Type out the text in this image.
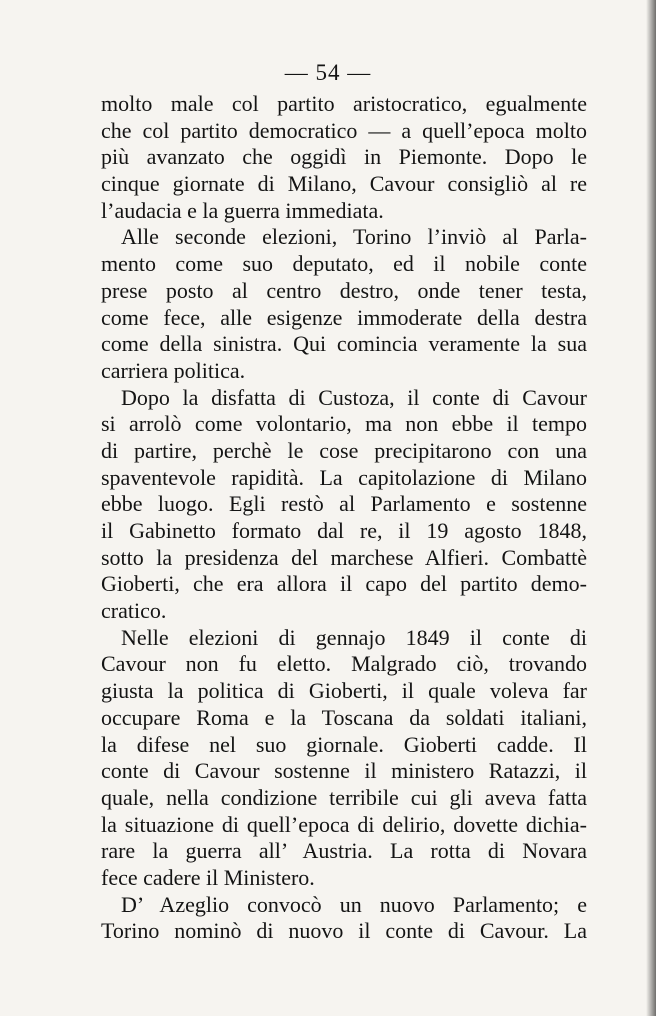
— 54 —
molto male col partito aristocratico, egualmente
che col partito democratico — a quell’epoca molto
più avanzato che oggidì in Piemonte. Dopo le
cinque giornate di Milano, Cavour consigliò al re
l’audacia e la guerra immediata.
Alle seconde elezioni, Torino l’inviò al Parla-
mento come suo deputato, ed il nobile conte
prese posto al centro destro, onde tener testa,
come fece, alle esigenze immoderate della destra
come della sinistra. Qui comincia veramente la sua
carriera politica.
Dopo la disfatta di Custoza, il conte di Cavour
si arrolò come volontario, ma non ebbe il tempo
di partire, perchè le cose precipitarono con una
spaventevole rapidità. La capitolazione di Milano
ebbe luogo. Egli restò al Parlamento e sostenne
il Gabinetto formato dal re, il 19 agosto 1848,
sotto la presidenza del marchese Alfieri. Combattè
Gioberti, che era allora il capo del partito demo-
cratico.
Nelle elezioni di gennajo 1849 il conte di
Cavour non fu eletto. Malgrado ciò, trovando
giusta la politica di Gioberti, il quale voleva far
occupare Roma e la Toscana da soldati italiani,
la difese nel suo giornale. Gioberti cadde. Il
conte di Cavour sostenne il ministero Ratazzi, il
quale, nella condizione terribile cui gli aveva fatta
la situazione di quell’epoca di delirio, dovette dichia-
rare la guerra all’ Austria. La rotta di Novara
fece cadere il Ministero.
D’ Azeglio convocò un nuovo Parlamento; e
Torino nominò di nuovo il conte di Cavour. La
